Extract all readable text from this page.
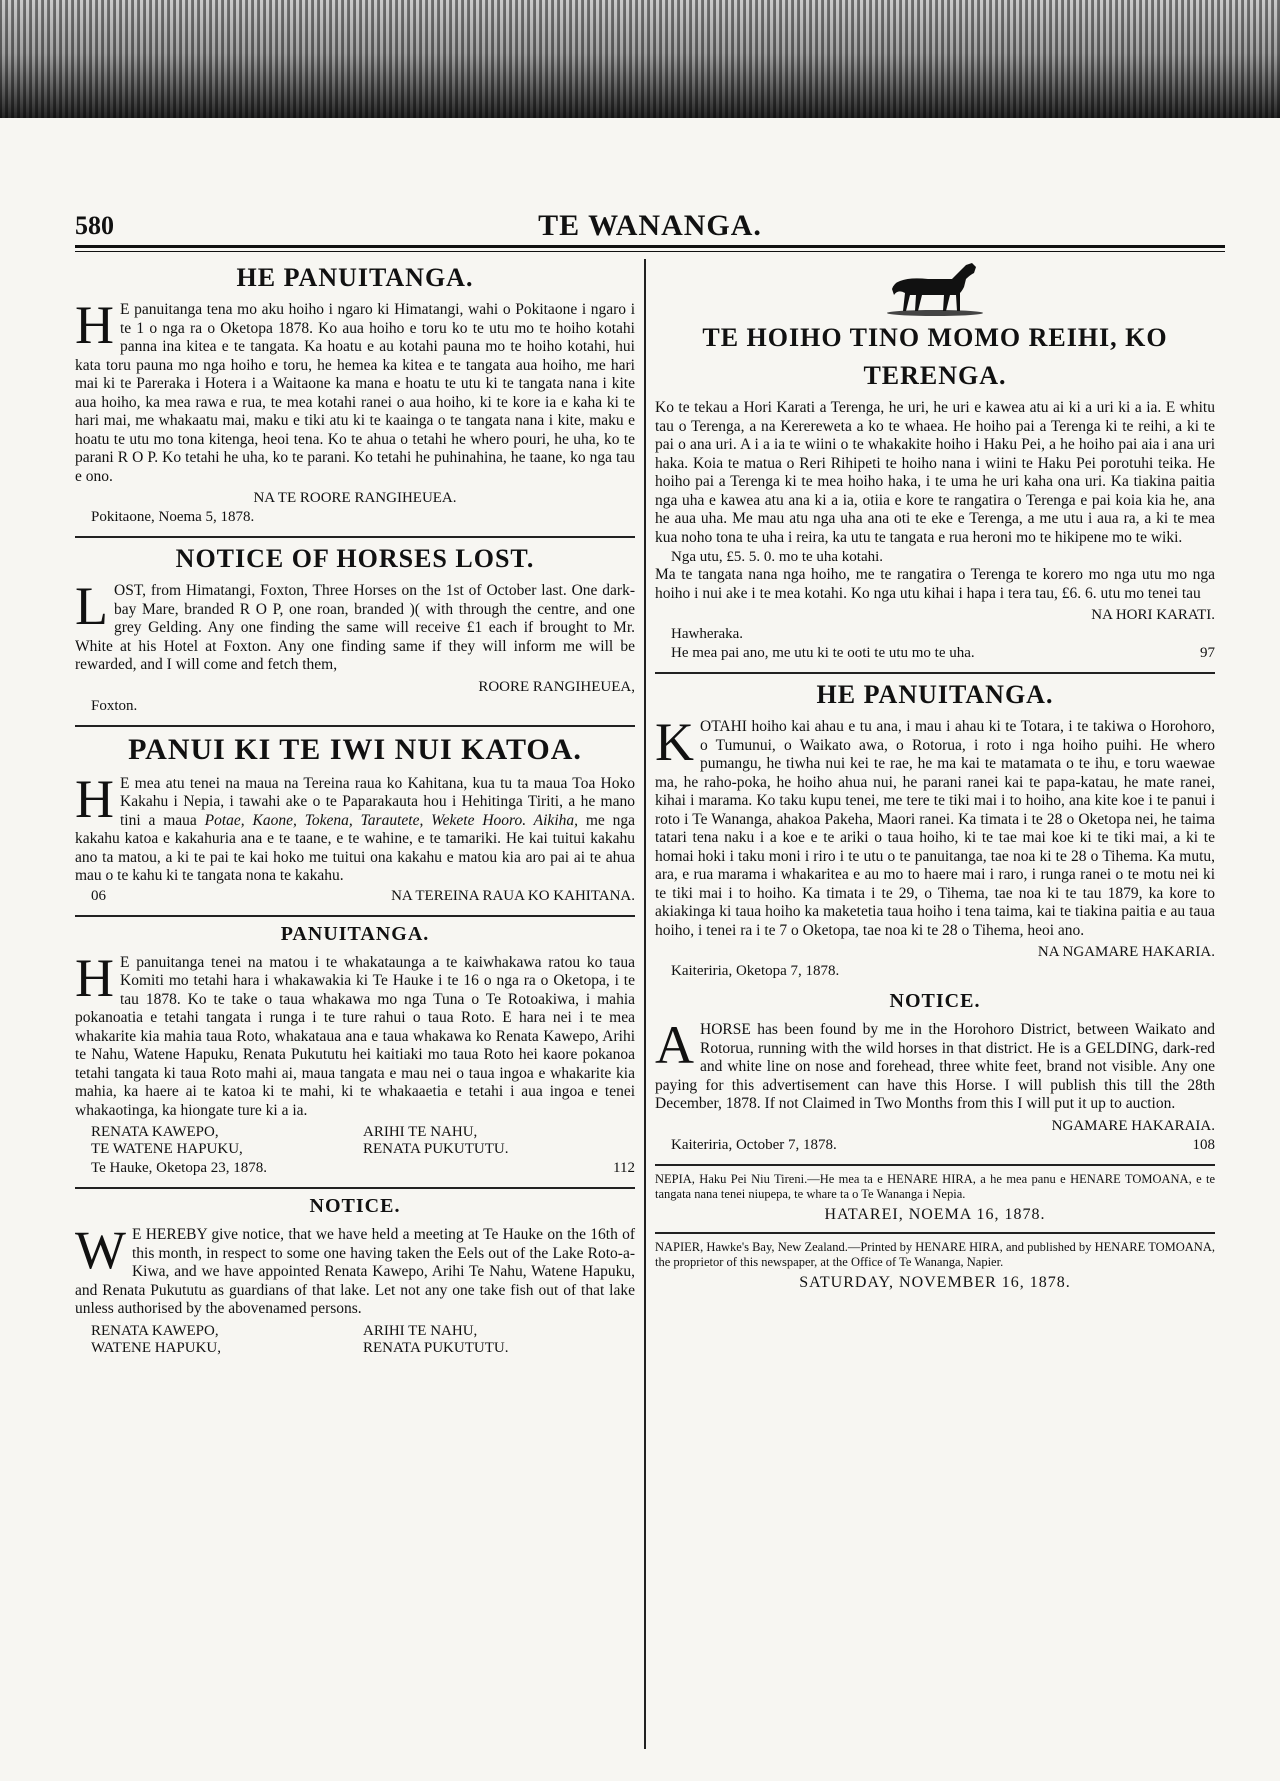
580	TE WANANGA.
HE PANUITANGA.

H E panuitanga tena mo aku hoiho i ngaro ki Himatangi, wahi o Pokitaone i ngaro i te 1 o nga ra o Oketopa 1878. Ko aua hoiho e toru ko te utu mo te hoiho kotahi panna ina kitea e te tangata. Ka hoatu e au kotahi pauna mo te hoiho kotahi, hui kata toru pauna mo nga hoiho e toru, he hemea ka kitea e te tangata aua hoiho, me hari mai ki te Pareraka i Hotera i a Waitaone ka mana e hoatu te utu ki te tangata nana i kite aua hoiho, ka mea rawa e rua, te mea kotahi ranei o aua hoiho, ki te kore ia e kaha ki te hari mai, me whakaatu mai, maku e tiki atu ki te kaainga o te tangata nana i kite, maku e hoatu te utu mo tona kitenga, heoi tena. Ko te ahua o tetahi he whero pouri, he uha, ko te parani R O P. Ko tetahi he uha, ko te parani. Ko tetahi he puhinahina, he taane, ko nga tau e ono.

NA TE ROORE RANGIHEUEA.
Pokitaone, Noema 5, 1878.
NOTICE OF HORSES LOST.

LOST, from Himatangi, Foxton, Three Horses on the 1st of October last. One dark-bay Mare, branded R O P, one roan, branded )( with through the centre, and one grey Gelding. Any one finding the same will receive £1 each if brought to Mr. White at his Hotel at Foxton. Any one finding same if they will inform me will be rewarded, and I will come and fetch them,

ROORE RANGIHEUEA,
Foxton.
PANUI KI TE IWI NUI KATOA.

H E mea atu tenei na maua na Tereina raua ko Kahitana, kua tu ta maua Toa Hoko Kakahu i Nepia, i tawahi ake o te Paparakauta hou i Hehitinga Tiriti, a he mano tini a maua Potae, Kaone, Tokena, Tarautete, Wekete Hooro. Aikiha, me nga kakahu katoa e kakahuria ana e te taane, e te wahine, e te tamariki. He kai tuitui kakahu ano ta matou, a ki te pai te kai hoko me tuitui ona kakahu e matou kia aro pai ai te ahua mau o te kahu ki te tangata nona te kakahu.

06	NA TEREINA RAUA KO KAHITANA.
PANUITANGA.

H E panuitanga tenei na matou i te whakataunga a te kaiwhakawa ratou ko taua Komiti mo tetahi hara i whakawakia ki Te Hauke i te 16 o nga ra o Oketopa, i te tau 1878. Ko te take o taua whakawa mo nga Tuna o Te Rotoakiwa, i mahia pokanoatia e tetahi tangata i runga i te ture rahui o taua Roto. E hara nei i te mea whakarite kia mahia taua Roto, whakataua ana e taua whakawa ko Renata Kawepo, Arihi te Nahu, Watene Hapuku, Renata Pukututu hei kaitiaki mo taua Roto hei kaore pokanoa tetahi tangata ki taua Roto mahi ai, maua tangata e mau nei o taua ingoa e whakarite kia mahia, ka haere ai te katoa ki te mahi, ki te whakaaetia e tetahi i aua ingoa e tenei whakaotinga, ka hiongate ture ki a ia.

RENATA KAWEPO,	ARIHI TE NAHU,
TE WATENE HAPUKU,	RENATA PUKUTUTU.
Te Hauke, Oketopa 23, 1878.	112
NOTICE.

W E HEREBY give notice, that we have held a meeting at Te Hauke on the 16th of this month, in respect to some one having taken the Eels out of the Lake Roto-a-Kiwa, and we have appointed Renata Kawepo, Arihi Te Nahu, Watene Hapuku, and Renata Pukututu as guardians of that lake. Let not any one take fish out of that lake unless authorised by the abovenamed persons.

RENATA KAWEPO,	ARIHI TE NAHU,
WATENE HAPUKU,	RENATA PUKUTUTU.
TE HOIHO TINO MOMO REIHI, KO
TERENGA.

Ko te tekau a Hori Karati a Terenga, he uri, he uri e kawea atu ai ki a uri ki a ia. E whitu tau o Terenga, a na Kerereweta a ko te whaea. He hoiho pai a Terenga ki te reihi, a ki te pai o ana uri. A i a ia te wiini o te whakakite hoiho i Haku Pei, a he hoiho pai aia i ana uri haka. Koia te matua o Reri Rihipeti te hoiho nana i wiini te Haku Pei porotuhi teika. He hoiho pai a Terenga ki te mea hoiho haka, i te uma he uri kaha ona uri. Ka tiakina paitia nga uha e kawea atu ana ki a ia, otiia e kore te rangatira o Terenga e pai koia kia he, ana he aua uha. Me mau atu nga uha ana oti te eke e Terenga, a me utu i aua ra, a ki te mea kua noho tona te uha i reira, ka utu te tangata e rua heroni mo te hikipene mo te wiki.

Nga utu, £5. 5. 0. mo te uha kotahi.

Ma te tangata nana nga hoiho, me te rangatira o Terenga te korero mo nga utu mo nga hoiho i nui ake i te mea kotahi. Ko nga utu kihai i hapa i tera tau, £6. 6. utu mo tenei tau

NA HORI KARATI.
Hawheraka.
He mea pai ano, me utu ki te ooti te utu mo te uha.	97
HE PANUITANGA.

KOTAHI hoiho kai ahau e tu ana, i mau i ahau ki te Totara, i te takiwa o Horohoro, o Tumunui, o Waikato awa, o Rotorua, i roto i nga hoiho puihi. He whero pumangu, he tiwha nui kei te rae, he ma kai te matamata o te ihu, e toru waewae ma, he raho-poka, he hoiho ahua nui, he parani ranei kai te papa-katau, he mate ranei, kihai i marama. Ko taku kupu tenei, me tere te tiki mai i to hoiho, ana kite koe i te panui i roto i Te Wananga, ahakoa Pakeha, Maori ranei. Ka timata i te 28 o Oketopa nei, he taima tatari tena naku i a koe e te ariki o taua hoiho, ki te tae mai koe ki te tiki mai, a ki te homai hoki i taku moni i riro i te utu o te panuitanga, tae noa ki te 28 o Tihema. Ka mutu, ara, e rua marama i whakaritea e au mo to haere mai i raro, i runga ranei o te motu nei ki te tiki mai i to hoiho. Ka timata i te 29, o Tihema, tae noa ki te tau 1879, ka kore to akiakinga ki taua hoiho ka maketetia taua hoiho i tena taima, kai te tiakina paitia e au taua hoiho, i tenei ra i te 7 o Oketopa, tae noa ki te 28 o Tihema, heoi ano.

NA NGAMARE HAKARIA.
Kaiteriria, Oketopa 7, 1878.
NOTICE.

AHORSE has been found by me in the Horohoro District, between Waikato and Rotorua, running with the wild horses in that district. He is a GELDING, dark-red and white line on nose and forehead, three white feet, brand not visible. Any one paying for this advertisement can have this Horse. I will publish this till the 28th December, 1878. If not Claimed in Two Months from this I will put it up to auction.

NGAMARE HAKARAIA.
Kaiteriria, October 7, 1878.	108

NEPIA, Haku Pei Niu Tireni.—He mea ta e HENARE HIRA, a he mea panu e HENARE TOMOANA, e te tangata nana tenei niupepa, te whare ta o Te Wananga i Nepia.

HATAREI, NOEMA 16, 1878.

NAPIER, Hawke's Bay, New Zealand.—Printed by HENARE HIRA, and published by HENARE TOMOANA, the proprietor of this newspaper, at the Office of Te Wananga, Napier.

SATURDAY, NOVEMBER 16, 1878.
